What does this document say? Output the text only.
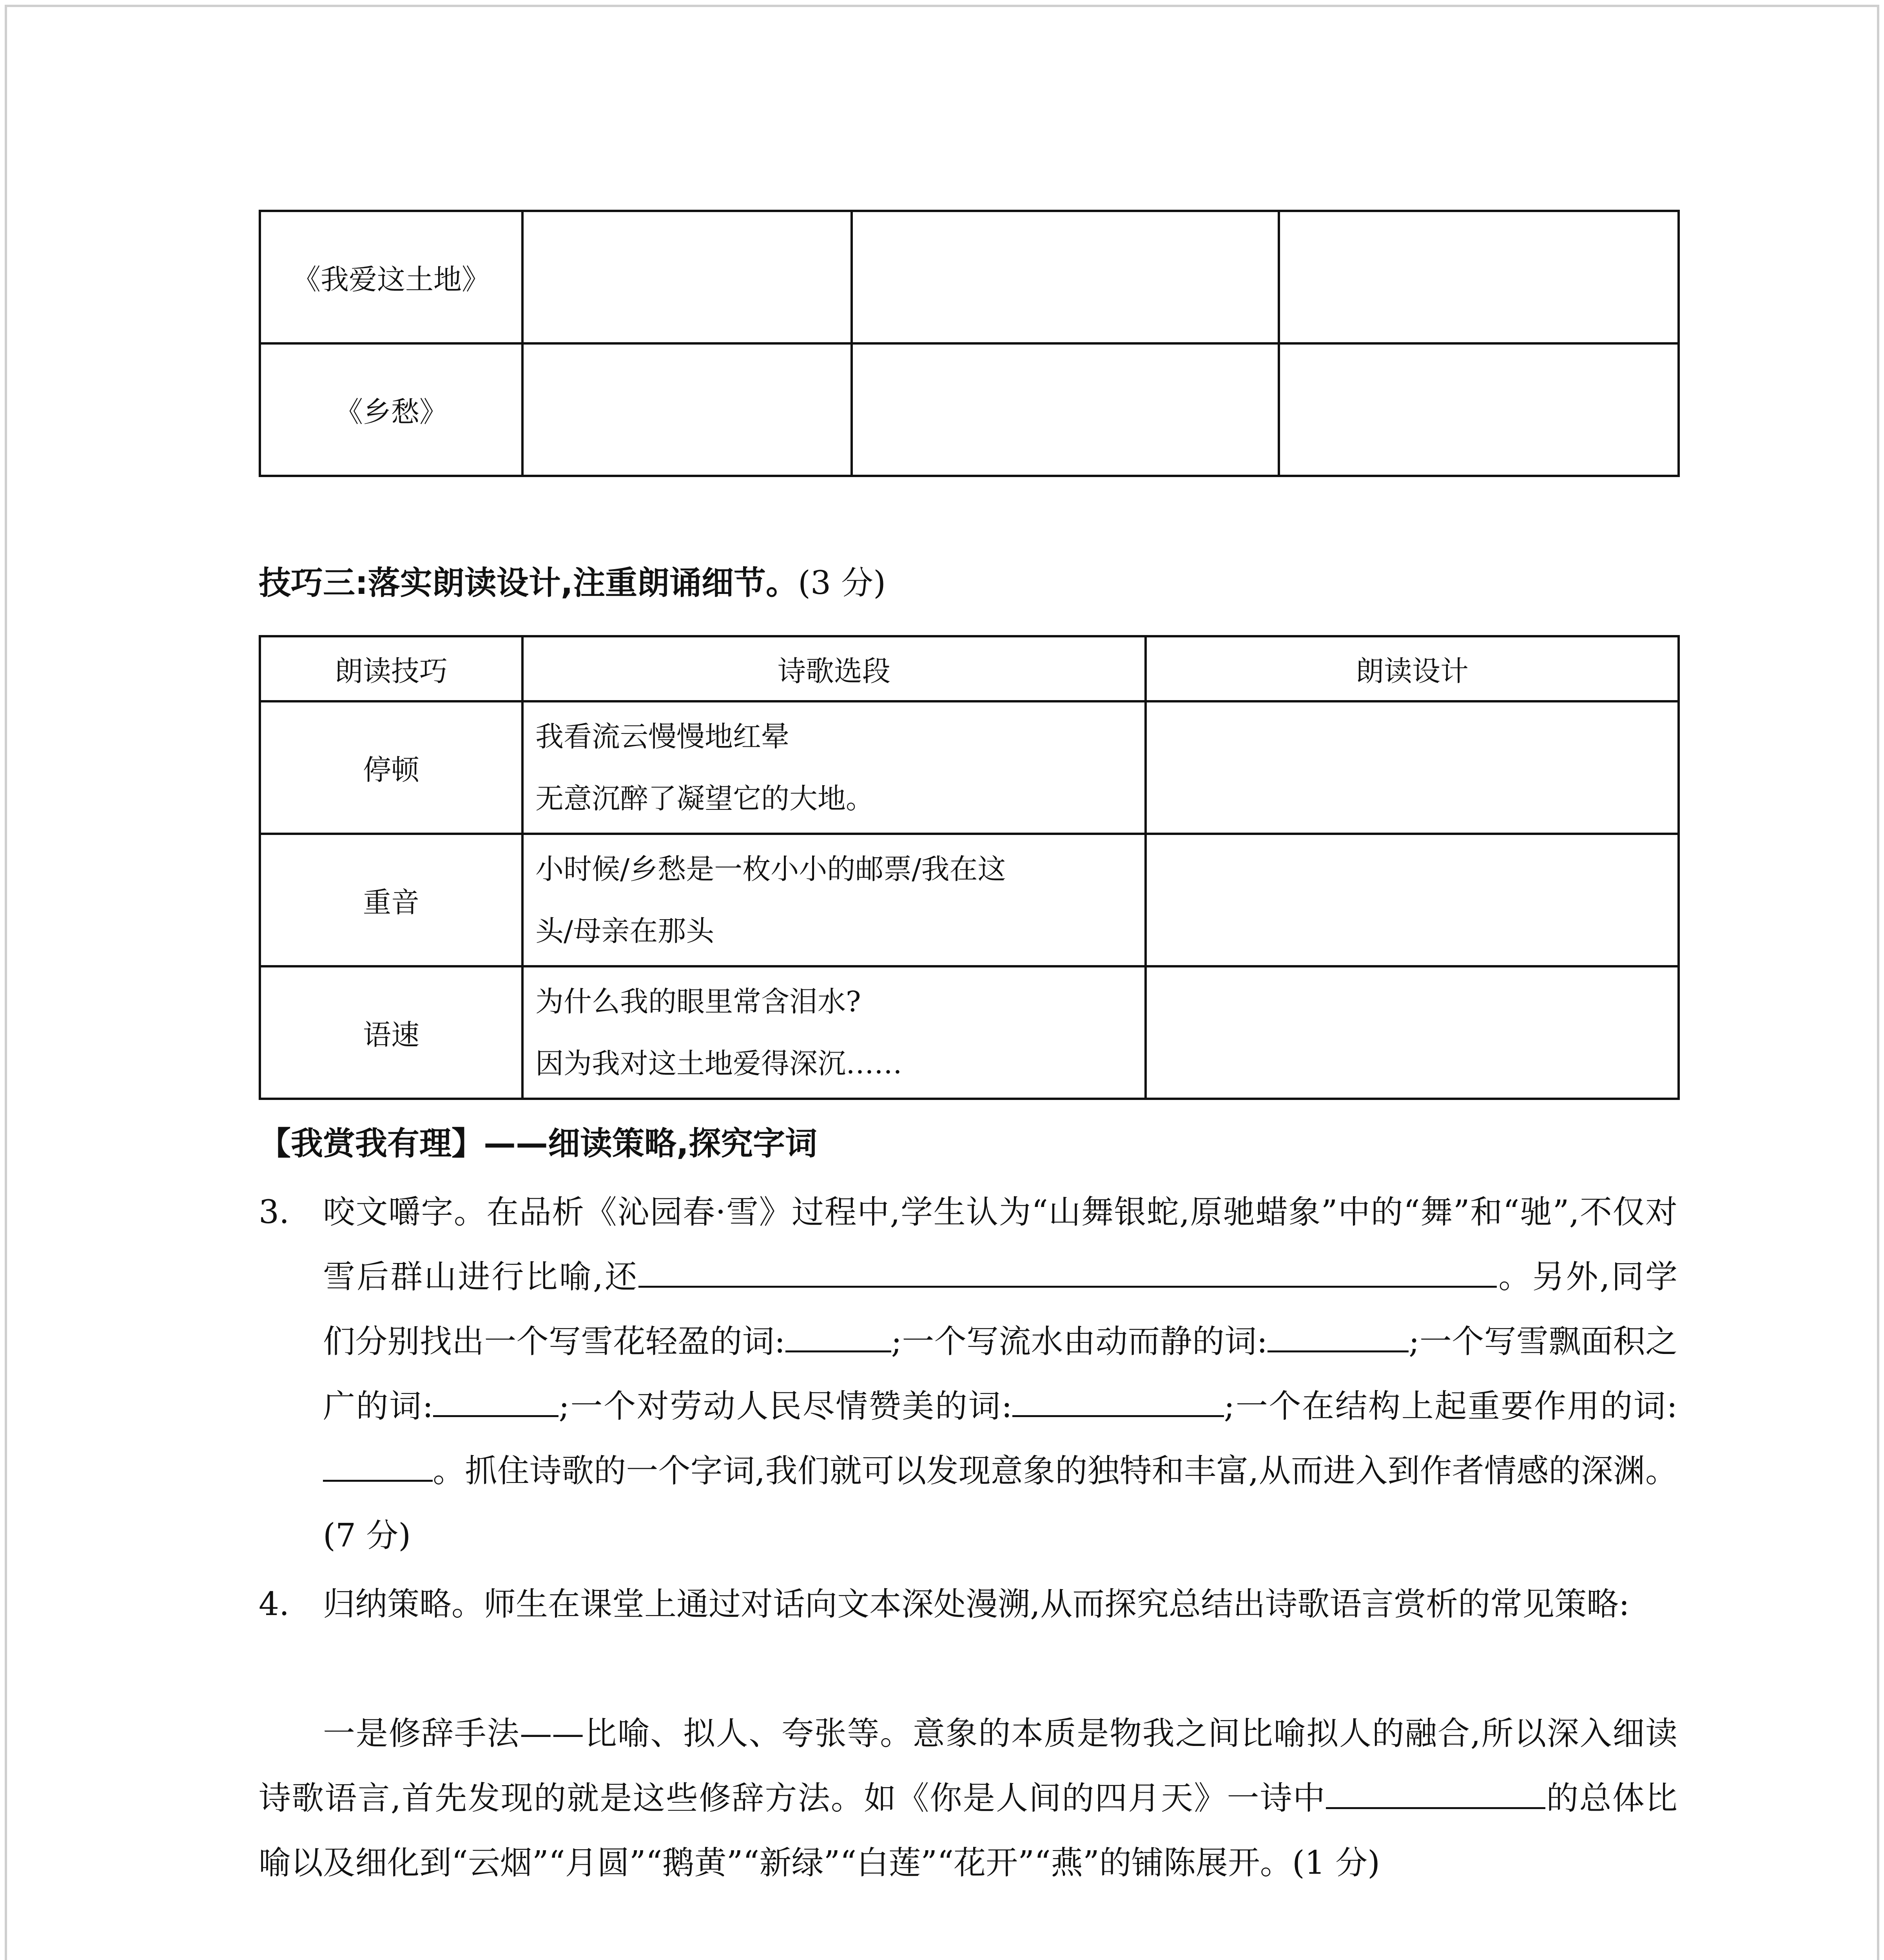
《我爱这土地》			
《乡愁》			
技巧三:落实朗读设计,注重朗诵细节。(3 分)
朗读技巧	诗歌选段	朗读设计
停顿	我看流云慢慢地红晕
无意沉醉了凝望它的大地。	

重音	小时候/乡愁是一枚小小的邮票/我在这
头/母亲在那头	

语速	为什么我的眼里常含泪水?
因为我对这土地爱得深沉……	

【我赏我有理】——细读策略,探究字词
3. 咬文嚼字。在品析《沁园春·雪》过程中,学生认为“山舞银蛇,原驰蜡象”中的“舞”和“驰”,不仅对雪后群山进行比喻,还	。另外,同学们分别找出一个写雪花轻盈的词:	;一个写流水由动而静的词:	;一个写雪飘面积之广的词:	;一个对劳动人民尽情赞美的词:	;一个在结构上起重要作用的词:。抓住诗歌的一个字词,我们就可以发现意象的独特和丰富,从而进入到作者情感的深渊。(7 分)
4. 归纳策略。师生在课堂上通过对话向文本深处漫溯,从而探究总结出诗歌语言赏析的常见策略:
一是修辞手法——比喻、拟人、夸张等。意象的本质是物我之间比喻拟人的融合,所以深入细读诗歌语言,首先发现的就是这些修辞方法。如《你是人间的四月天》一诗中	的总体比喻以及细化到“云烟”“月圆”“鹅黄”“新绿”“白莲”“花开”“燕”的铺陈展开。(1 分)
